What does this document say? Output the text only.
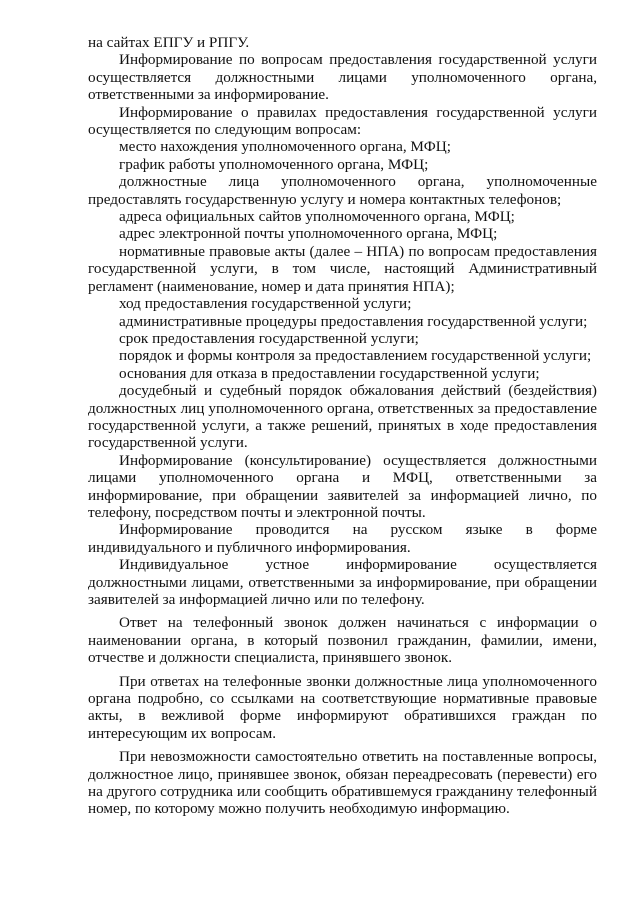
на сайтах ЕПГУ и РПГУ.

Информирование по вопросам предоставления государственной услуги осуществляется должностными лицами уполномоченного органа, ответственными за информирование.

Информирование о правилах предоставления государственной услуги осуществляется по следующим вопросам:

место нахождения уполномоченного органа, МФЦ;

график работы уполномоченного органа, МФЦ;

должностные лица уполномоченного органа, уполномоченные предоставлять государственную услугу и номера контактных телефонов;

адреса официальных сайтов уполномоченного органа, МФЦ;

адрес электронной почты уполномоченного органа, МФЦ;

нормативные правовые акты (далее – НПА) по вопросам предоставления государственной услуги, в том числе, настоящий Административный регламент (наименование, номер и дата принятия НПА);

ход предоставления государственной услуги;

административные процедуры предоставления государственной услуги;

срок предоставления государственной услуги;

порядок и формы контроля за предоставлением государственной услуги;

основания для отказа в предоставлении государственной услуги;

досудебный и судебный порядок обжалования действий (бездействия) должностных лиц уполномоченного органа, ответственных за предоставление государственной услуги, а также решений, принятых в ходе предоставления государственной услуги.

Информирование (консультирование) осуществляется должностными лицами уполномоченного органа и МФЦ, ответственными за информирование, при обращении заявителей за информацией лично, по телефону, посредством почты и электронной почты.

Информирование проводится на русском языке в форме индивидуального и публичного информирования.

Индивидуальное устное информирование осуществляется должностными лицами, ответственными за информирование, при обращении заявителей за информацией лично или по телефону.

Ответ на телефонный звонок должен начинаться с информации о наименовании органа, в который позвонил гражданин, фамилии, имени, отчестве и должности специалиста, принявшего звонок.

При ответах на телефонные звонки должностные лица уполномоченного органа подробно, со ссылками на соответствующие нормативные правовые акты, в вежливой форме информируют обратившихся граждан по интересующим их вопросам.

При невозможности самостоятельно ответить на поставленные вопросы, должностное лицо, принявшее звонок, обязан переадресовать (перевести) его на другого сотрудника или сообщить обратившемуся гражданину телефонный номер, по которому можно получить необходимую информацию.
